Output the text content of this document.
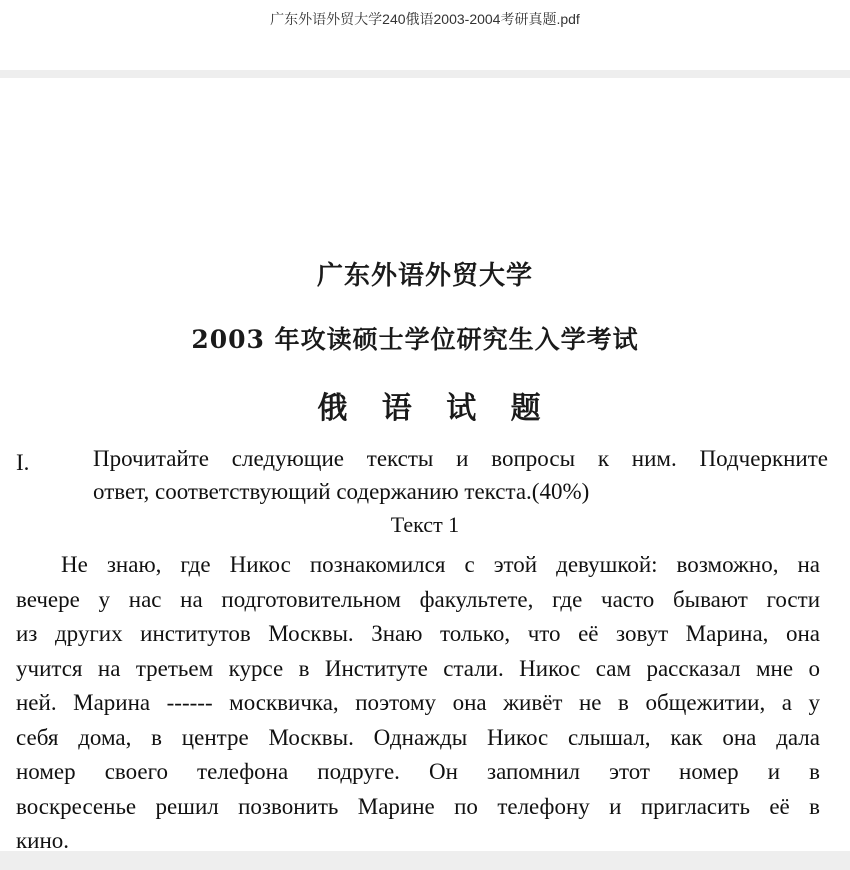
广东外语外贸大学240俄语2003-2004考研真题.pdf
广东外语外贸大学
2003 年攻读硕士学位研究生入学考试
俄 语 试 题
I.	Прочитайте следующие тексты и вопросы к ним. Подчеркните
ответ, соответствующий содержанию текста.(40%)
Текст 1
Не знаю, где Никос познакомился с этой девушкой: возможно, на
вечере у нас на подготовительном факультете, где часто бывают гости
из других институтов Москвы. Знаю только, что её зовут Марина, она
учится на третьем курсе в Институте стали. Никос сам рассказал мне о
ней. Марина ------ москвичка, поэтому она живёт не в общежитии, а у
себя дома, в центре Москвы. Однажды Никос слышал, как она дала
номер своего телефона подруге. Он запомнил этот номер и в
воскресенье решил позвонить Марине по телефону и пригласить её в
кино.
